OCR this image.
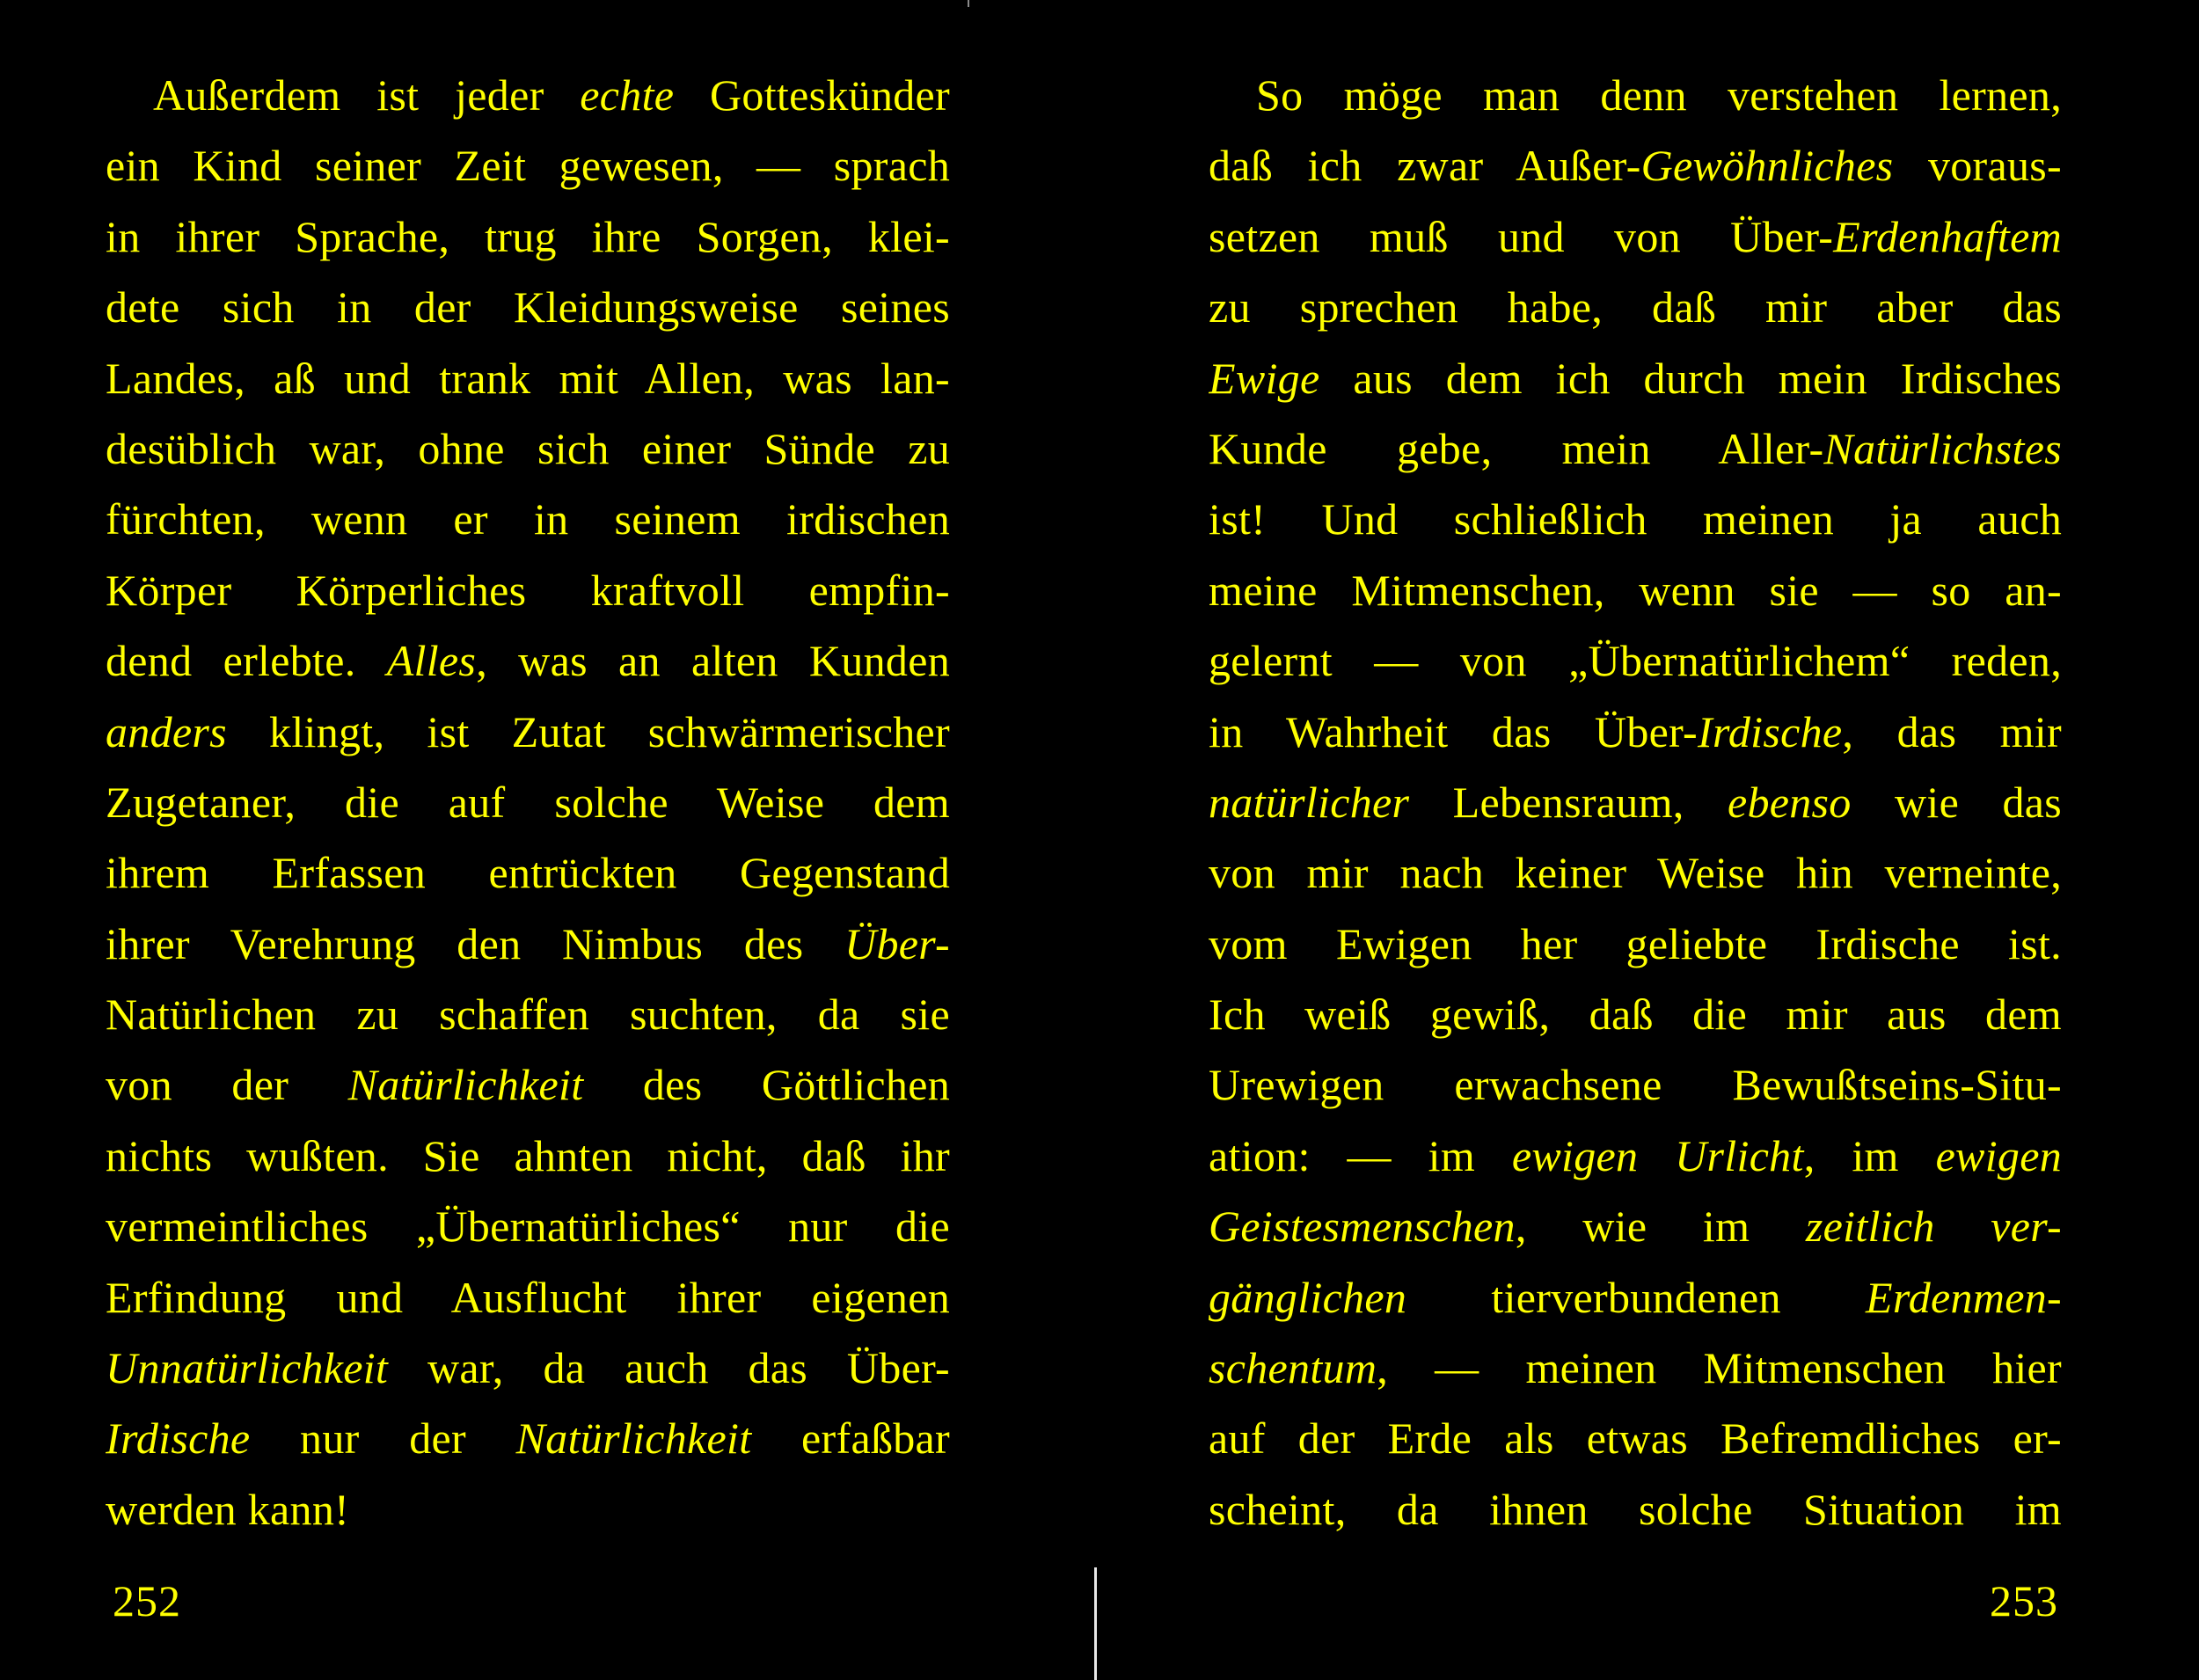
Außerdem ist jeder echte Gotteskünder
ein Kind seiner Zeit gewesen, — sprach
in ihrer Sprache, trug ihre Sorgen, klei-
dete sich in der Kleidungsweise seines
Landes, aß und trank mit Allen, was lan-
desüblich war, ohne sich einer Sünde zu
fürchten, wenn er in seinem irdischen
Körper Körperliches kraftvoll empfin-
dend erlebte. Alles, was an alten Kunden
anders klingt, ist Zutat schwärmerischer
Zugetaner, die auf solche Weise dem
ihrem Erfassen entrückten Gegenstand
ihrer Verehrung den Nimbus des Über-
Natürlichen zu schaffen suchten, da sie
von der Natürlichkeit des Göttlichen
nichts wußten. Sie ahnten nicht, daß ihr
vermeintliches „Übernatürliches“ nur die
Erfindung und Ausflucht ihrer eigenen
Unnatürlichkeit war, da auch das Über-
Irdische nur der Natürlichkeit erfaßbar
werden kann!
252
So möge man denn verstehen lernen,
daß ich zwar Außer-Gewöhnliches voraus-
setzen muß und von Über-Erdenhaftem
zu sprechen habe, daß mir aber das
Ewige aus dem ich durch mein Irdisches
Kunde gebe, mein Aller-Natürlichstes
ist! Und schließlich meinen ja auch
meine Mitmenschen, wenn sie — so an-
gelernt — von „Übernatürlichem“ reden,
in Wahrheit das Über-Irdische, das mir
natürlicher Lebensraum, ebenso wie das
von mir nach keiner Weise hin verneinte,
vom Ewigen her geliebte Irdische ist.
Ich weiß gewiß, daß die mir aus dem
Urewigen erwachsene Bewußtseins-Situ-
ation: — im ewigen Urlicht, im ewigen
Geistesmenschen, wie im zeitlich ver-
gänglichen tierverbundenen Erdenmen-
schentum, — meinen Mitmenschen hier
auf der Erde als etwas Befremdliches er-
scheint, da ihnen solche Situation im
253
